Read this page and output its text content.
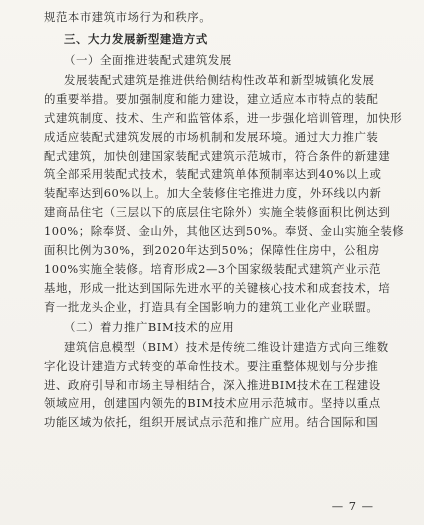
规范本市建筑市场行为和秩序。
三、大力发展新型建造方式
（一）全面推进装配式建筑发展
发展装配式建筑是推进供给侧结构性改革和新型城镇化发展
的重要举措。要加强制度和能力建设，建立适应本市特点的装配
式建筑制度、技术、生产和监管体系，进一步强化培训管理，加快形
成适应装配式建筑发展的市场机制和发展环境。通过大力推广装
配式建筑，加快创建国家装配式建筑示范城市，符合条件的新建建
筑全部采用装配式技术，装配式建筑单体预制率达到40%以上或
装配率达到60%以上。加大全装修住宅推进力度，外环线以内新
建商品住宅（三层以下的底层住宅除外）实施全装修面积比例达到
100%；除奉贤、金山外，其他区达到50%。奉贤、金山实施全装修
面积比例为30%，到2020年达到50%；保障性住房中，公租房
100%实施全装修。培育形成2—3个国家级装配式建筑产业示范
基地，形成一批达到国际先进水平的关键核心技术和成套技术，培
育一批龙头企业，打造具有全国影响力的建筑工业化产业联盟。
（二）着力推广BIM技术的应用
建筑信息模型（BIM）技术是传统二维设计建造方式向三维数
字化设计建造方式转变的革命性技术。要注重整体规划与分步推
进、政府引导和市场主导相结合，深入推进BIM技术在工程建设
领域应用，创建国内领先的BIM技术应用示范城市。坚持以重点
功能区域为依托，组织开展试点示范和推广应用。结合国际和国
— 7 —
